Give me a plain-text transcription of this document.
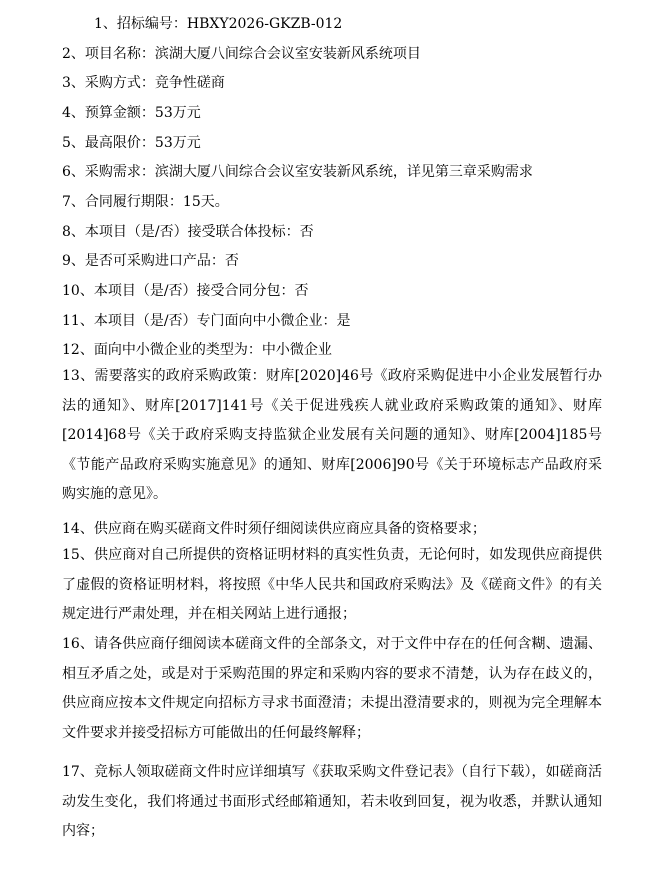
1、招标编号：HBXY2026-GKZB-012

2、项目名称：滨湖大厦八间综合会议室安装新风系统项目

3、采购方式：竞争性磋商

4、预算金额：53万元

5、最高限价：53万元

6、采购需求：滨湖大厦八间综合会议室安装新风系统，详见第三章采购需求

7、合同履行期限：15天。

8、本项目（是/否）接受联合体投标：否

9、是否可采购进口产品：否

10、本项目（是/否）接受合同分包：否

11、本项目（是/否）专门面向中小微企业：是

12、面向中小微企业的类型为：中小微企业

13、需要落实的政府采购政策：财库[2020]46号《政府采购促进中小企业发展暂行办法的通知》、财库[2017]141号《关于促进残疾人就业政府采购政策的通知》、财库[2014]68号《关于政府采购支持监狱企业发展有关问题的通知》、财库[2004]185号《节能产品政府采购实施意见》的通知、财库[2006]90号《关于环境标志产品政府采购实施的意见》。

14、供应商在购买磋商文件时须仔细阅读供应商应具备的资格要求；

15、供应商对自己所提供的资格证明材料的真实性负责，无论何时，如发现供应商提供了虚假的资格证明材料，将按照《中华人民共和国政府采购法》及《磋商文件》的有关规定进行严肃处理，并在相关网站上进行通报；

16、请各供应商仔细阅读本磋商文件的全部条文，对于文件中存在的任何含糊、遗漏、相互矛盾之处，或是对于采购范围的界定和采购内容的要求不清楚，认为存在歧义的，供应商应按本文件规定向招标方寻求书面澄清；未提出澄清要求的，则视为完全理解本文件要求并接受招标方可能做出的任何最终解释；

17、竞标人领取磋商文件时应详细填写《获取采购文件登记表》（自行下载），如磋商活动发生变化，我们将通过书面形式经邮箱通知，若未收到回复，视为收悉，并默认通知内容；
